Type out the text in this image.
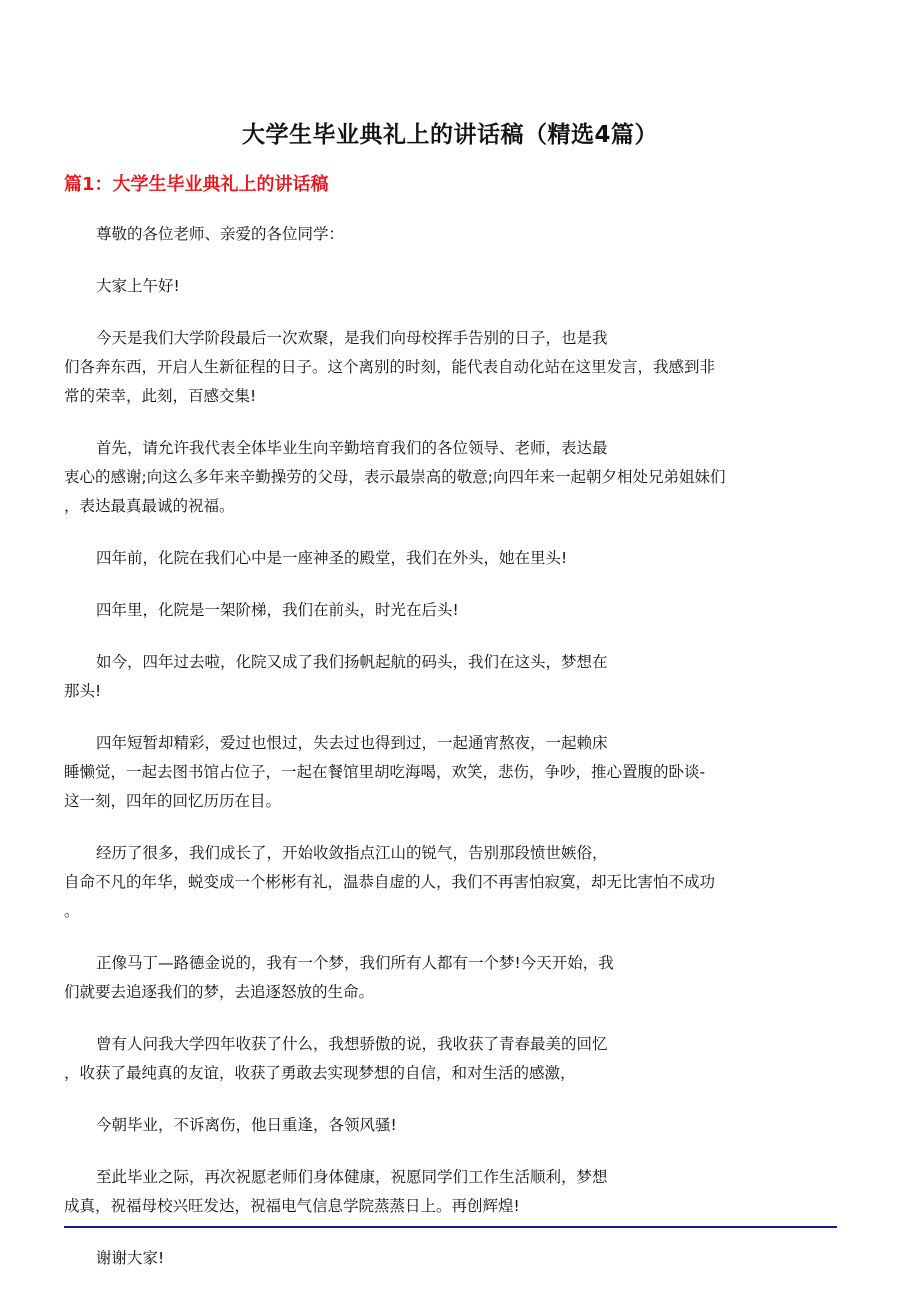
大学生毕业典礼上的讲话稿（精选4篇）
篇1：大学生毕业典礼上的讲话稿

尊敬的各位老师、亲爱的各位同学：

大家上午好!

今天是我们大学阶段最后一次欢聚，是我们向母校挥手告别的日子，也是我
们各奔东西，开启人生新征程的日子。这个离别的时刻，能代表自动化站在这里发言，我感到非
常的荣幸，此刻，百感交集!

首先，请允许我代表全体毕业生向辛勤培育我们的各位领导、老师，表达最
衷心的感谢;向这么多年来辛勤操劳的父母，表示最崇高的敬意;向四年来一起朝夕相处兄弟姐妹们
，表达最真最诚的祝福。

四年前，化院在我们心中是一座神圣的殿堂，我们在外头，她在里头!

四年里，化院是一架阶梯，我们在前头，时光在后头!

如今，四年过去啦，化院又成了我们扬帆起航的码头，我们在这头，梦想在
那头!

四年短暂却精彩，爱过也恨过，失去过也得到过，一起通宵熬夜，一起赖床
睡懒觉，一起去图书馆占位子，一起在餐馆里胡吃海喝，欢笑，悲伤，争吵，推心置腹的卧谈-
这一刻，四年的回忆历历在目。

经历了很多，我们成长了，开始收敛指点江山的锐气，告别那段愤世嫉俗，
自命不凡的年华，蜕变成一个彬彬有礼，温恭自虚的人，我们不再害怕寂寞，却无比害怕不成功
。

正像马丁—路德金说的，我有一个梦，我们所有人都有一个梦!今天开始，我
们就要去追逐我们的梦，去追逐怒放的生命。

曾有人问我大学四年收获了什么，我想骄傲的说，我收获了青春最美的回忆
，收获了最纯真的友谊，收获了勇敢去实现梦想的自信，和对生活的感激，

今朝毕业，不诉离伤，他日重逢，各领风骚!

至此毕业之际，再次祝愿老师们身体健康，祝愿同学们工作生活顺利，梦想
成真，祝福母校兴旺发达，祝福电气信息学院蒸蒸日上。再创辉煌!

谢谢大家!
